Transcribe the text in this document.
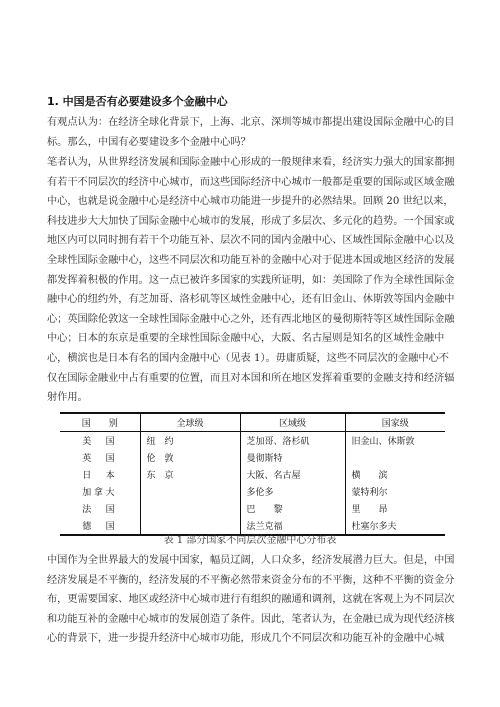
1. 中国是否有必要建设多个金融中心
有观点认为：在经济全球化背景下，上海、北京、深圳等城市都提出建设国际金融中心的目
标。那么，中国有必要建设多个金融中心吗？
笔者认为，从世界经济发展和国际金融中心形成的一般规律来看，经济实力强大的国家都拥
有若干不同层次的经济中心城市，而这些国际经济中心城市一般都是重要的国际或区域金融
中心，也就是说金融中心是经济中心城市功能进一步提升的必然结果。回顾 20 世纪以来，
科技进步大大加快了国际金融中心城市的发展，形成了多层次、多元化的趋势。一个国家或
地区内可以同时拥有若干个功能互补、层次不同的国内金融中心、区域性国际金融中心以及
全球性国际金融中心，这些不同层次和功能互补的金融中心对于促进本国或地区经济的发展
都发挥着积极的作用。这一点已被许多国家的实践所证明，如：美国除了作为全球性国际金
融中心的纽约外，有芝加哥、洛杉矶等区域性金融中心，还有旧金山、休斯敦等国内金融中
心；英国除伦敦这一全球性国际金融中心之外，还有西北地区的曼彻斯特等区域性国际金融
中心；日本的东京是重要的全球性国际金融中心，大阪、名古屋则是知名的区域性金融中
心，横滨也是日本有名的国内金融中心（见表 1）。毋庸质疑，这些不同层次的金融中心不
仅在国际金融业中占有重要的位置，而且对本国和所在地区发挥着重要的金融支持和经济辐
射作用。
国　　别	全球级	区域级	国家级
美　国	纽　约	芝加哥、洛杉矶	旧金山、休斯敦
英　国	伦　敦	曼彻斯特	
日　本	东　京	大阪、名古屋	横　　滨
加拿大		多伦多	蒙特利尔
法　国		巴　　黎	里　　昂
德　国		法兰克福	杜塞尔多夫
表 1 部分国家不同层次金融中心分布表
中国作为全世界最大的发展中国家，幅员辽阔，人口众多，经济发展潜力巨大。但是，中国
经济发展是不平衡的，经济发展的不平衡必然带来资金分布的不平衡，这种不平衡的资金分
布，更需要国家、地区或经济中心城市进行有组织的融通和调剂，这就在客观上为不同层次
和功能互补的金融中心城市的发展创造了条件。因此，笔者认为，在金融已成为现代经济核
心的背景下，进一步提升经济中心城市功能，形成几个不同层次和功能互补的金融中心城
